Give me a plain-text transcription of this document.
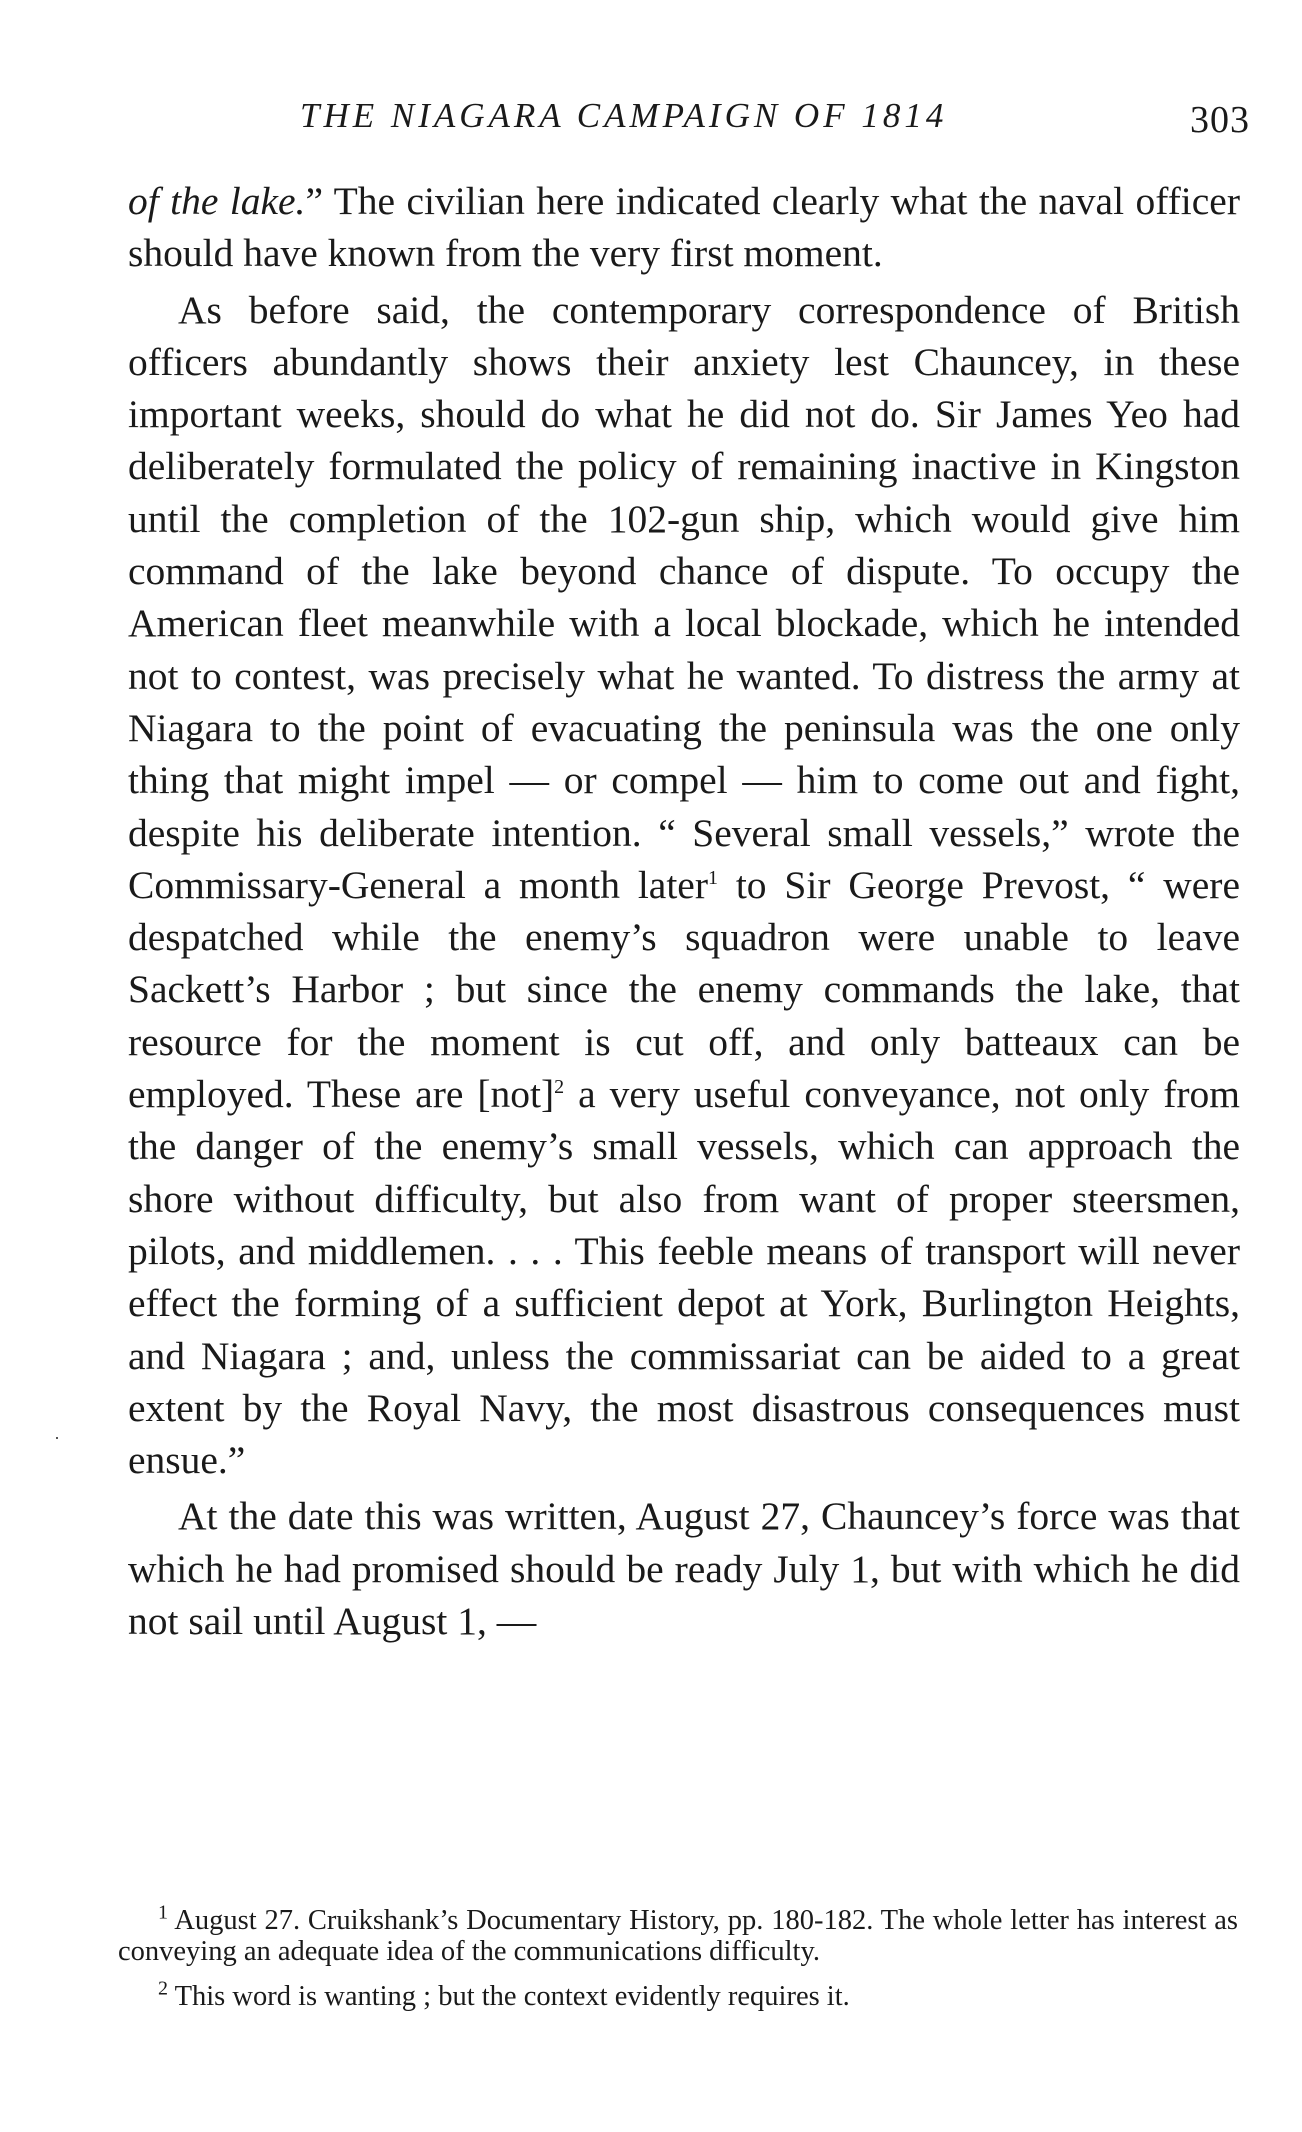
THE NIAGARA CAMPAIGN OF 1814	303

of the lake.” The civilian here indicated clearly what the naval officer should have known from the very first moment.

As before said, the contemporary correspondence of British officers abundantly shows their anxiety lest Chauncey, in these important weeks, should do what he did not do. Sir James Yeo had deliberately formulated the policy of remaining inactive in Kingston until the completion of the 102-gun ship, which would give him command of the lake beyond chance of dispute. To occupy the American fleet meanwhile with a local blockade, which he intended not to contest, was precisely what he wanted. To distress the army at Niagara to the point of evacuating the peninsula was the one only thing that might impel — or compel — him to come out and fight, despite his deliberate intention. “ Several small vessels,” wrote the Commissary-General a month later$^1$ to Sir George Prevost, “ were despatched while the enemy’s squadron were unable to leave Sackett’s Harbor ; but since the enemy commands the lake, that resource for the moment is cut off, and only batteaux can be employed. These are [not]$^2$ a very useful conveyance, not only from the danger of the enemy’s small vessels, which can approach the shore without difficulty, but also from want of proper steersmen, pilots, and middlemen. . . . This feeble means of transport will never effect the forming of a sufficient depot at York, Burlington Heights, and Niagara ; and, unless the commissariat can be aided to a great extent by the Royal Navy, the most disastrous consequences must ensue.”

At the date this was written, August 27, Chauncey’s force was that which he had promised should be ready July 1, but with which he did not sail until August 1, —

$^1$ August 27. Cruikshank’s Documentary History, pp. 180-182. The whole letter has interest as conveying an adequate idea of the communications difficulty.

$^2$ This word is wanting ; but the context evidently requires it.
